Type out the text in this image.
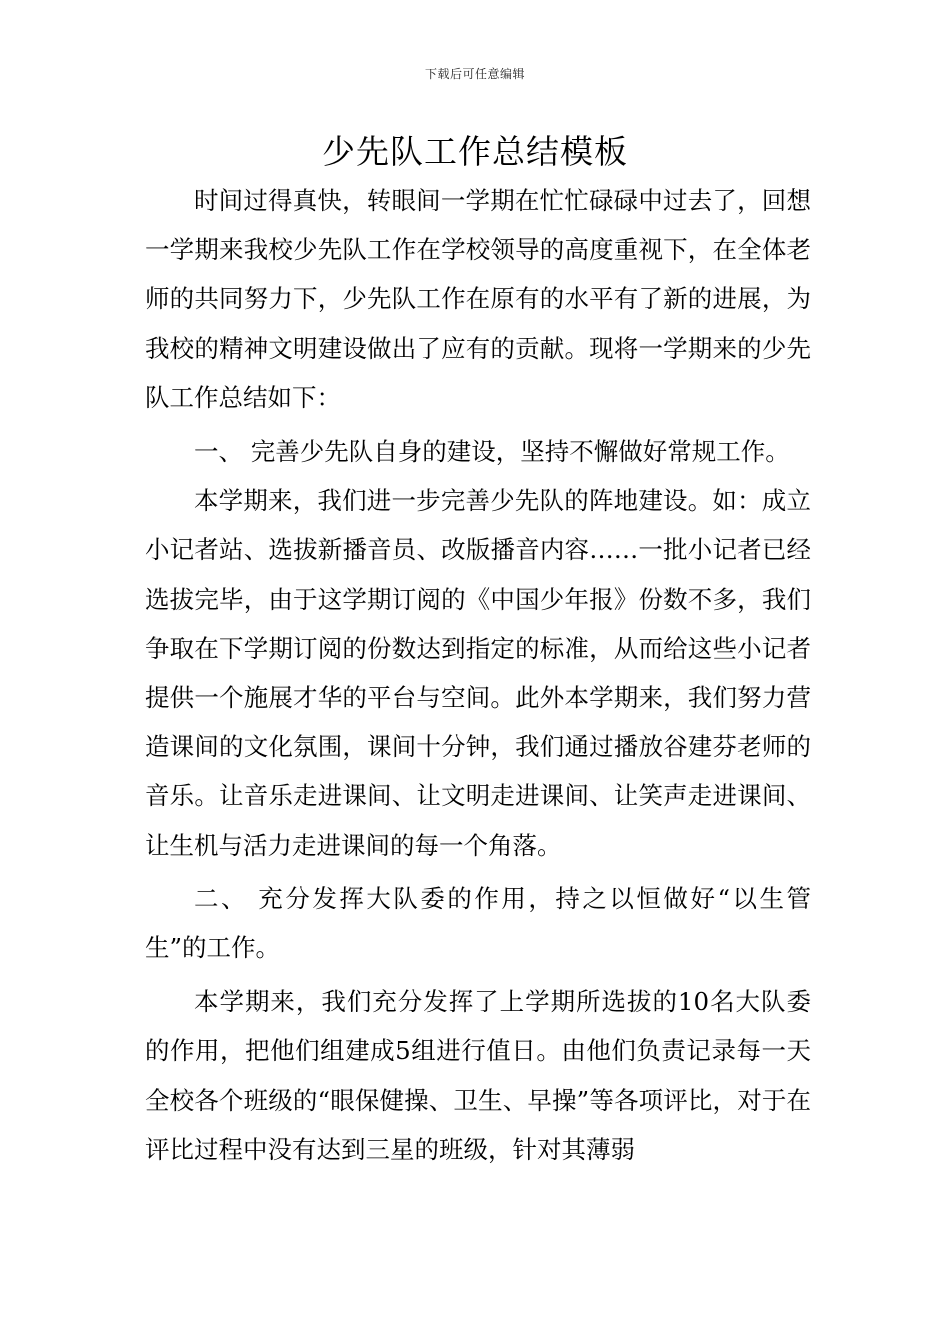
下载后可任意编辑
少先队工作总结模板

时间过得真快，转眼间一学期在忙忙碌碌中过去了，回想一学期来我校少先队工作在学校领导的高度重视下，在全体老师的共同努力下，少先队工作在原有的水平有了新的进展，为我校的精神文明建设做出了应有的贡献。现将一学期来的少先队工作总结如下：

一、 完善少先队自身的建设，坚持不懈做好常规工作。

本学期来，我们进一步完善少先队的阵地建设。如：成立小记者站、选拔新播音员、改版播音内容……一批小记者已经选拔完毕，由于这学期订阅的《中国少年报》份数不多，我们争取在下学期订阅的份数达到指定的标准，从而给这些小记者提供一个施展才华的平台与空间。此外本学期来，我们努力营造课间的文化氛围，课间十分钟，我们通过播放谷建芬老师的音乐。让音乐走进课间、让文明走进课间、让笑声走进课间、让生机与活力走进课间的每一个角落。

二、 充分发挥大队委的作用，持之以恒做好“以生管生”的工作。

本学期来，我们充分发挥了上学期所选拔的10名大队委的作用，把他们组建成5组进行值日。由他们负责记录每一天全校各个班级的“眼保健操、卫生、早操”等各项评比，对于在评比过程中没有达到三星的班级，针对其薄弱
